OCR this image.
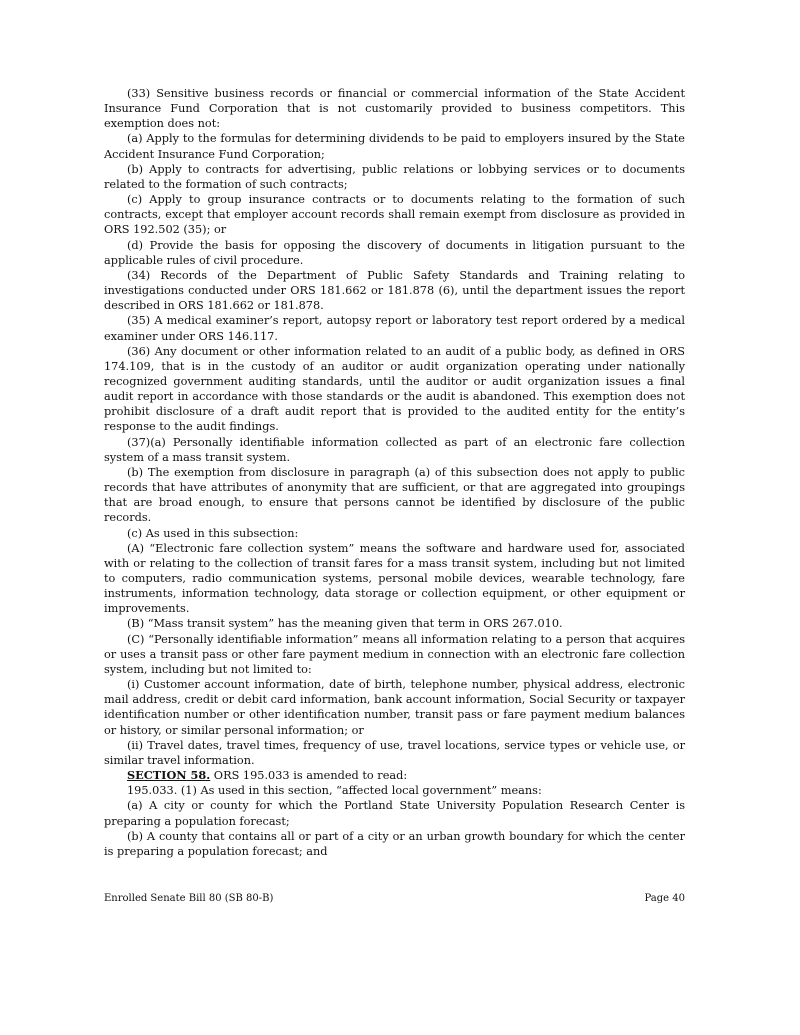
(33) Sensitive business records or financial or commercial information of the State Accident Insurance Fund Corporation that is not customarily provided to business competitors. This exemption does not:

(a) Apply to the formulas for determining dividends to be paid to employers insured by the State Accident Insurance Fund Corporation;

(b) Apply to contracts for advertising, public relations or lobbying services or to documents related to the formation of such contracts;

(c) Apply to group insurance contracts or to documents relating to the formation of such contracts, except that employer account records shall remain exempt from disclosure as provided in ORS 192.502 (35); or

(d) Provide the basis for opposing the discovery of documents in litigation pursuant to the applicable rules of civil procedure.

(34) Records of the Department of Public Safety Standards and Training relating to investigations conducted under ORS 181.662 or 181.878 (6), until the department issues the report described in ORS 181.662 or 181.878.

(35) A medical examiner’s report, autopsy report or laboratory test report ordered by a medical examiner under ORS 146.117.

(36) Any document or other information related to an audit of a public body, as defined in ORS 174.109, that is in the custody of an auditor or audit organization operating under nationally recognized government auditing standards, until the auditor or audit organization issues a final audit report in accordance with those standards or the audit is abandoned. This exemption does not prohibit disclosure of a draft audit report that is provided to the audited entity for the entity’s response to the audit findings.

(37)(a) Personally identifiable information collected as part of an electronic fare collection system of a mass transit system.

(b) The exemption from disclosure in paragraph (a) of this subsection does not apply to public records that have attributes of anonymity that are sufficient, or that are aggregated into groupings that are broad enough, to ensure that persons cannot be identified by disclosure of the public records.

(c) As used in this subsection:

(A) “Electronic fare collection system” means the software and hardware used for, associated with or relating to the collection of transit fares for a mass transit system, including but not limited to computers, radio communication systems, personal mobile devices, wearable technology, fare instruments, information technology, data storage or collection equipment, or other equipment or improvements.

(B) “Mass transit system” has the meaning given that term in ORS 267.010.

(C) “Personally identifiable information” means all information relating to a person that acquires or uses a transit pass or other fare payment medium in connection with an electronic fare collection system, including but not limited to:

(i) Customer account information, date of birth, telephone number, physical address, electronic mail address, credit or debit card information, bank account information, Social Security or taxpayer identification number or other identification number, transit pass or fare payment medium balances or history, or similar personal information; or

(ii) Travel dates, travel times, frequency of use, travel locations, service types or vehicle use, or similar travel information.

SECTION 58. ORS 195.033 is amended to read:

195.033. (1) As used in this section, “affected local government” means:

(a) A city or county for which the Portland State University Population Research Center is preparing a population forecast;

(b) A county that contains all or part of a city or an urban growth boundary for which the center is preparing a population forecast; and

Enrolled Senate Bill 80 (SB 80-B)	Page 40
